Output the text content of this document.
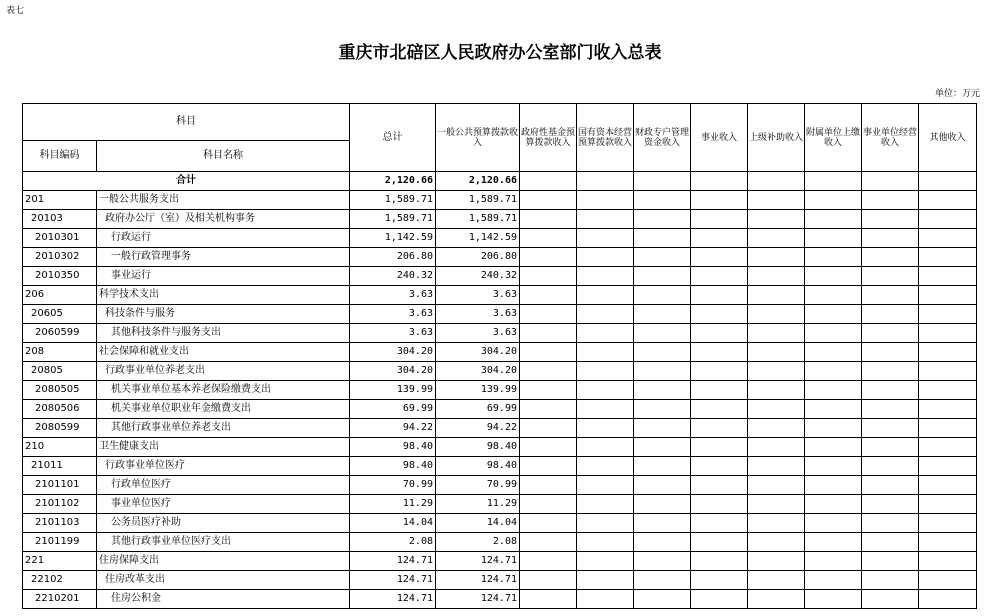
表七
重庆市北碚区人民政府办公室部门收入总表
单位：万元
科目		总计	一般公共预算拨款收入	政府性基金预算拨款收入	国有资本经营预算拨款收入	财政专户管理资金收入	事业收入	上级补助收入	附属单位上缴收入	事业单位经营收入	其他收入
科目编码	科目名称										
合计		2,120.66	2,120.66								
201	一般公共服务支出	1,589.71	1,589.71								
20103	政府办公厅（室）及相关机构事务	1,589.71	1,589.71								
2010301	行政运行	1,142.59	1,142.59								
2010302	一般行政管理事务	206.80	206.80								
2010350	事业运行	240.32	240.32								
206	科学技术支出	3.63	3.63								
20605	科技条件与服务	3.63	3.63								
2060599	其他科技条件与服务支出	3.63	3.63								
208	社会保障和就业支出	304.20	304.20								
20805	行政事业单位养老支出	304.20	304.20								
2080505	机关事业单位基本养老保险缴费支出	139.99	139.99								
2080506	机关事业单位职业年金缴费支出	69.99	69.99								
2080599	其他行政事业单位养老支出	94.22	94.22								
210	卫生健康支出	98.40	98.40								
21011	行政事业单位医疗	98.40	98.40								
2101101	行政单位医疗	70.99	70.99								
2101102	事业单位医疗	11.29	11.29								
2101103	公务员医疗补助	14.04	14.04								
2101199	其他行政事业单位医疗支出	2.08	2.08								
221	住房保障支出	124.71	124.71								
22102	住房改革支出	124.71	124.71								
2210201	住房公积金	124.71	124.71								
